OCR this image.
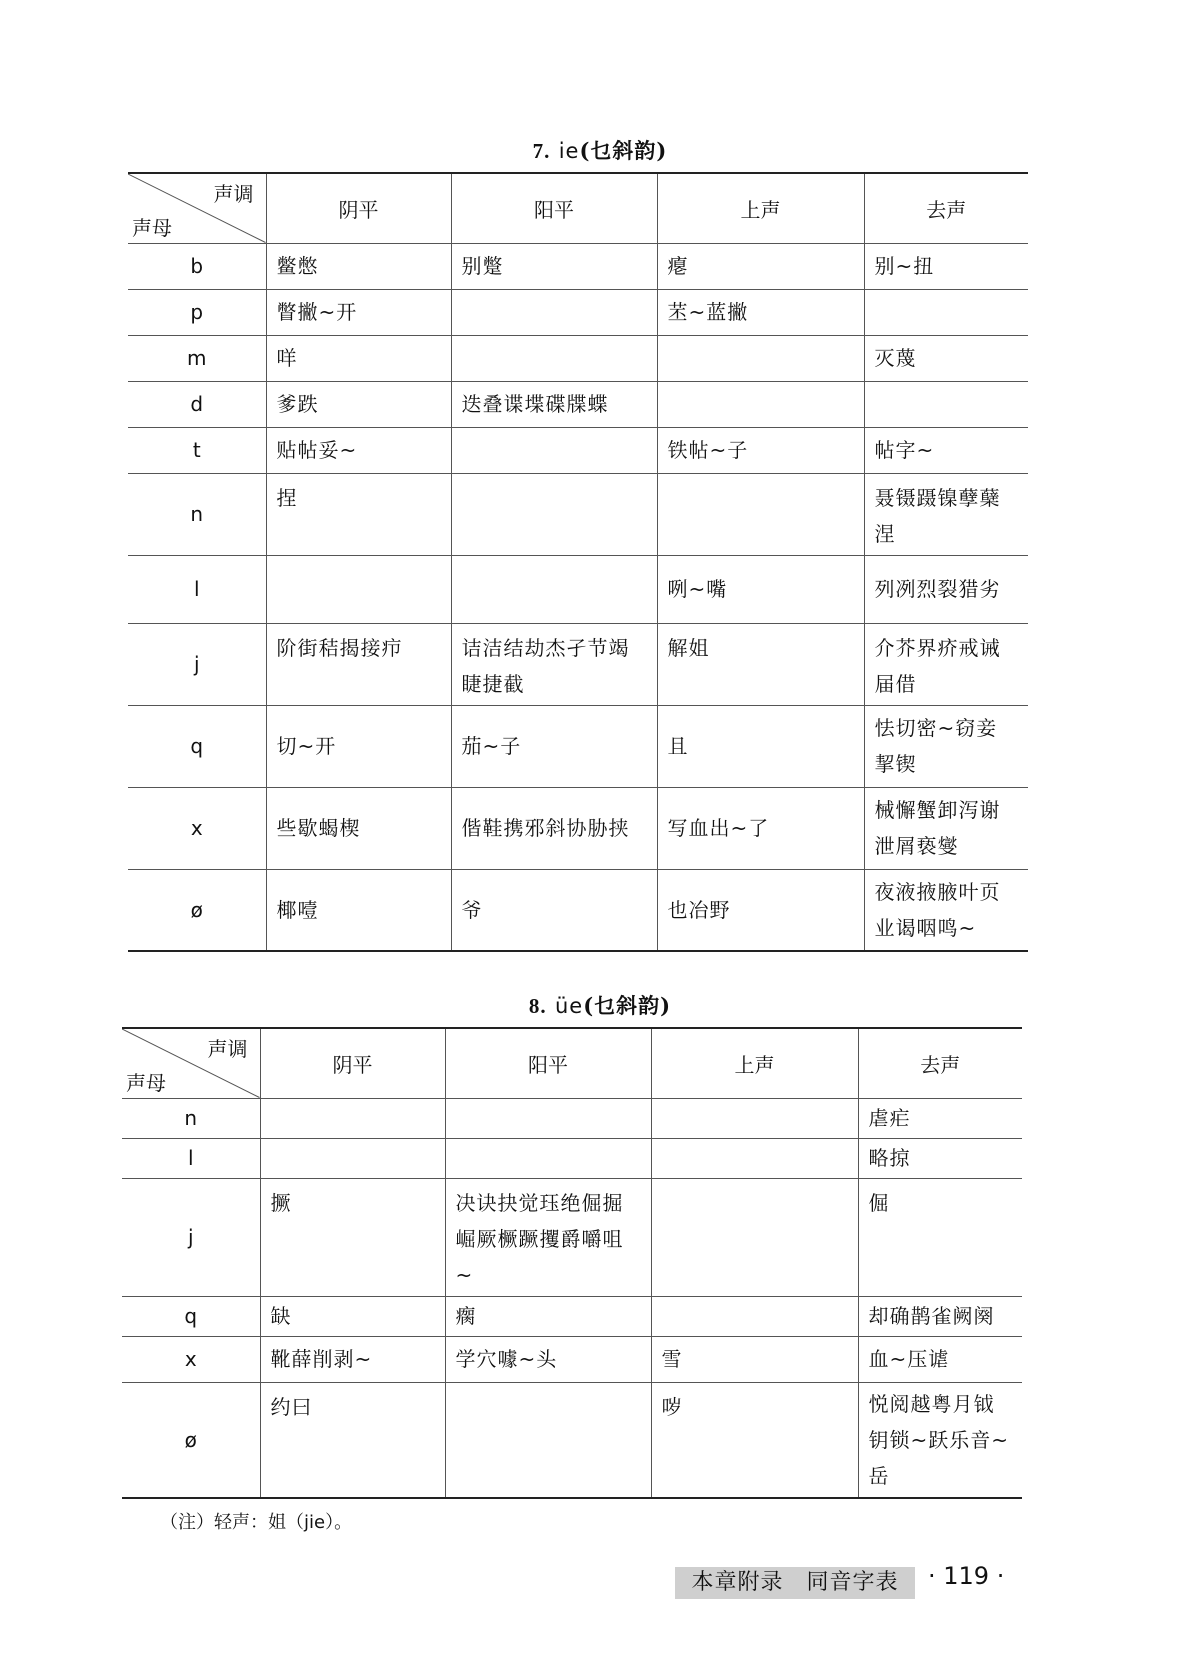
7. ie(乜斜韵)
声调
声母	阴平	阳平	上声	去声
b	鳖憋	别蹩	瘪	别~扭
p	瞥撇~开		苤~蓝撇	
m	咩			灭蔑
d	爹跌	迭叠谍堞碟牒蝶		
t	贴帖妥~		铁帖~子	帖字~
n	捏			聂镊蹑镍孽蘖涅
l			咧~嘴	列冽烈裂猎劣
j	阶街秸揭接疖	诘洁结劫杰孑节竭睫捷截	解姐	介芥界疥戒诫届借
q	切~开	茄~子	且	怯切密~窃妾挈锲
x	些歇蝎楔	偕鞋携邪斜协胁挟	写血出~了	械懈蟹卸泻谢泄屑亵燮
ø	椰噎	爷	也冶野	夜液掖腋叶页业谒咽鸣~
8. üe(乜斜韵)
声调
声母	阴平	阳平	上声	去声
n				虐疟
l				略掠
j	撅	决诀抉觉珏绝倔掘崛厥橛蹶攫爵嚼咀~		倔
q	缺	瘸		却确鹊雀阙阕
x	靴薛削剥~	学穴噱~头	雪	血~压谑
ø	约曰		哕	悦阅越粤月钺钥锁~跃乐音~岳
（注）轻声：姐（jie）。
本章附录　同音字表	· 119 ·
